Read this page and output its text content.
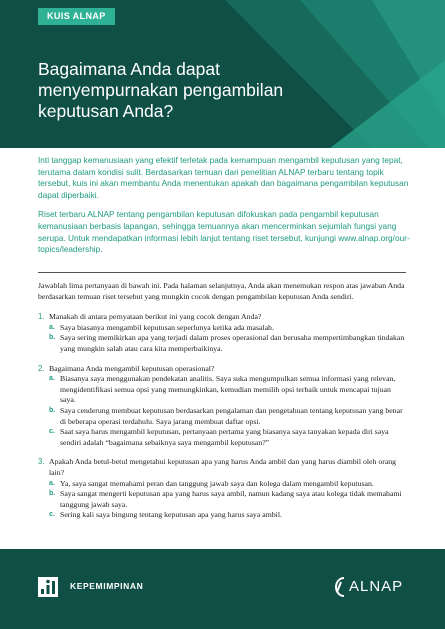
KUIS ALNAP
Bagaimana Anda dapat menyempurnakan pengambilan keputusan Anda?

Inti tanggap kemanusiaan yang efektif terletak pada kemampuan mengambil keputusan yang tepat, terutama dalam kondisi sulit. Berdasarkan temuan dari penelitian ALNAP terbaru tentang topik tersebut, kuis ini akan membantu Anda menentukan apakah dan bagaimana pengambilan keputusan dapat diperbaiki.

Riset terbaru ALNAP tentang pengambilan keputusan difokuskan pada pengambil keputusan kemanusiaan berbasis lapangan, sehingga temuannya akan mencerminkan sejumlah fungsi yang serupa. Untuk mendapatkan informasi lebih lanjut tentang riset tersebut, kunjungi www.alnap.org/our-topics/leadership.

Jawablah lima pertanyaan di bawah ini. Pada halaman selanjutnya, Anda akan menemukan respon atas jawaban Anda berdasarkan temuan riset tersebut yang mungkin cocok dengan pengambilan keputusan Anda sendiri.

1. Manakah di antara pernyataan berikut ini yang cocok dengan Anda?
a. Saya biasanya mengambil keputusan seperlunya ketika ada masalah.
b. Saya sering memikirkan apa yang terjadi dalam proses operasional dan berusaha mempertimbangkan tindakan yang mungkin salah atau cara kita memperbaikinya.
2. Bagaimana Anda mengambil keputusan operasional?
a. Biasanya saya menggunakan pendekatan analitis. Saya suka mengumpulkan semua informasi yang relevan, mengidentifikasi semua opsi yang memungkinkan, kemudian memilih opsi terbaik untuk mencapai tujuan saya.
b. Saya cenderung membuat keputusan berdasarkan pengalaman dan pengetahuan tentang keputusan yang benar di beberapa operasi terdahulu. Saya jarang membuat daftar opsi.
c. Saat saya harus mengambil keputusan, pertanyaan pertama yang biasanya saya tanyakan kepada diri saya sendiri adalah “bagaimana sebaiknya saya mengambil keputusan?”
3. Apakah Anda betul-betul mengetahui keputusan apa yang harus Anda ambil dan yang harus diambil oleh orang lain?
a. Ya, saya sangat memahami peran dan tanggung jawab saya dan kolega dalam mengambil keputusan.
b. Saya sangat mengerti keputusan apa yang harus saya ambil, namun kadang saya atau kolega tidak memahami tanggung jawab saya.
c. Sering kali saya bingung tentang keputusan apa yang harus saya ambil.
KEPEMIMPINAN	ALNAP
